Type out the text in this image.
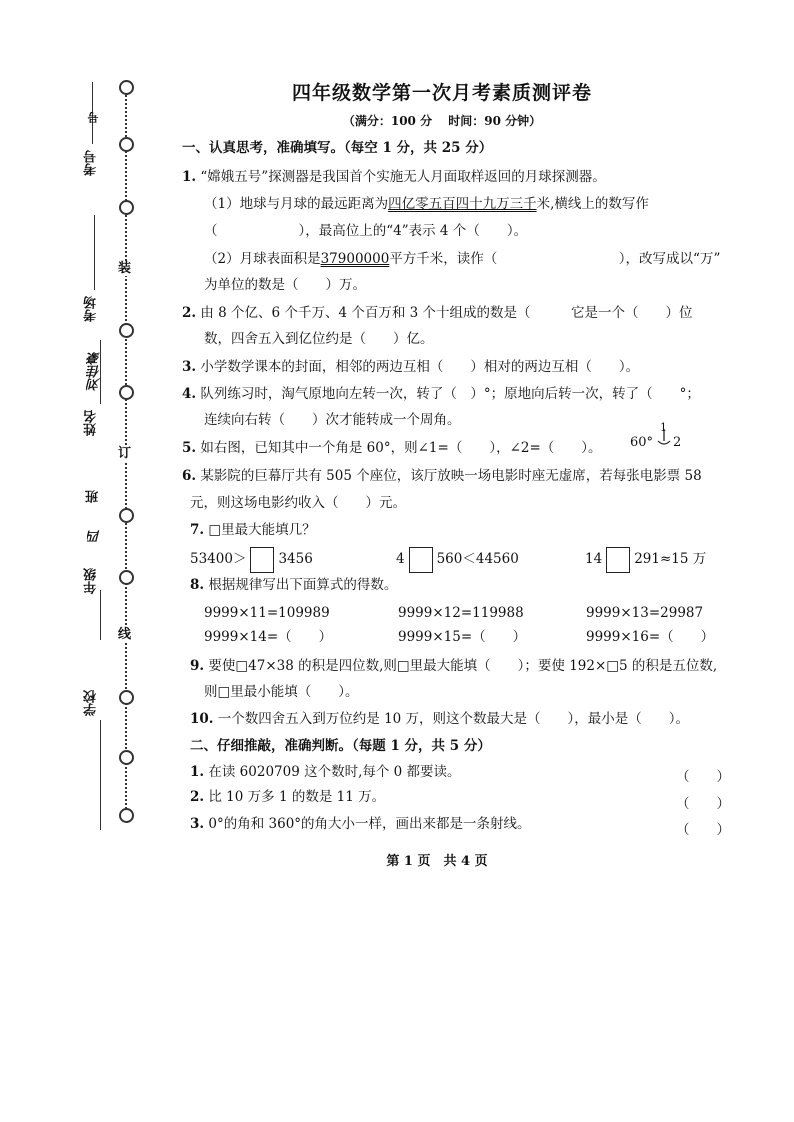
装
订
线
考号
号
考场
姓名
刘佳豪
年级
四
班
学校
四年级数学第一次月考素质测评卷
（满分：100 分　 时间：90 分钟）
一、认真思考，准确填写。（每空 1 分，共 25 分）
1. “嫦娥五号”探测器是我国首个实施无人月面取样返回的月球探测器。
（1）地球与月球的最远距离为四亿零五百四十九万三千米,横线上的数写作
（　　　　　　），最高位上的“4”表示 4 个（　　）。
（2）月球表面积是37900000平方千米，读作（　　　　　　　　　），改写成以“万”
为单位的数是（　　）万。
2. 由 8 个亿、6 个千万、4 个百万和 3 个十组成的数是（　　　它是一个（　　）位
数，四舍五入到亿位约是（　　）亿。
3. 小学数学课本的封面，相邻的两边互相（　　）相对的两边互相（　　）。
4. 队列练习时，淘气原地向左转一次，转了（　）°；原地向后转一次，转了（　　°；
连续向右转（　　）次才能转成一个周角。
5. 如右图，已知其中一个角是 60°，则∠1=（　　），∠2=（　　）。 60°
1
2
6. 某影院的巨幕厅共有 505 个座位，该厅放映一场电影时座无虚席，若每张电影票 58
元，则这场电影约收入（　　）元。
7. □里最大能填几？
53400＞ 3456	4 560＜44560	14 291≈15 万
8. 根据规律写出下面算式的得数。
9999×11=109989	9999×12=119988	9999×13=29987
9999×14=（　　）	9999×15=（　　）	9999×16=（　　）
9. 要使□47×38 的积是四位数,则□里最大能填（　　）；要使 192×□5 的积是五位数,
则□里最小能填（　　）。
10. 一个数四舍五入到万位约是 10 万，则这个数最大是（　　），最小是（　　）。
二、仔细推敲，准确判断。（每题 1 分，共 5 分）
1. 在读 6020709 这个数时,每个 0 都要读。	（　　）
2. 比 10 万多 1 的数是 11 万。	（　　）
3. 0°的角和 360°的角大小一样，画出来都是一条射线。	（　　）
第 1 页　共 4 页
